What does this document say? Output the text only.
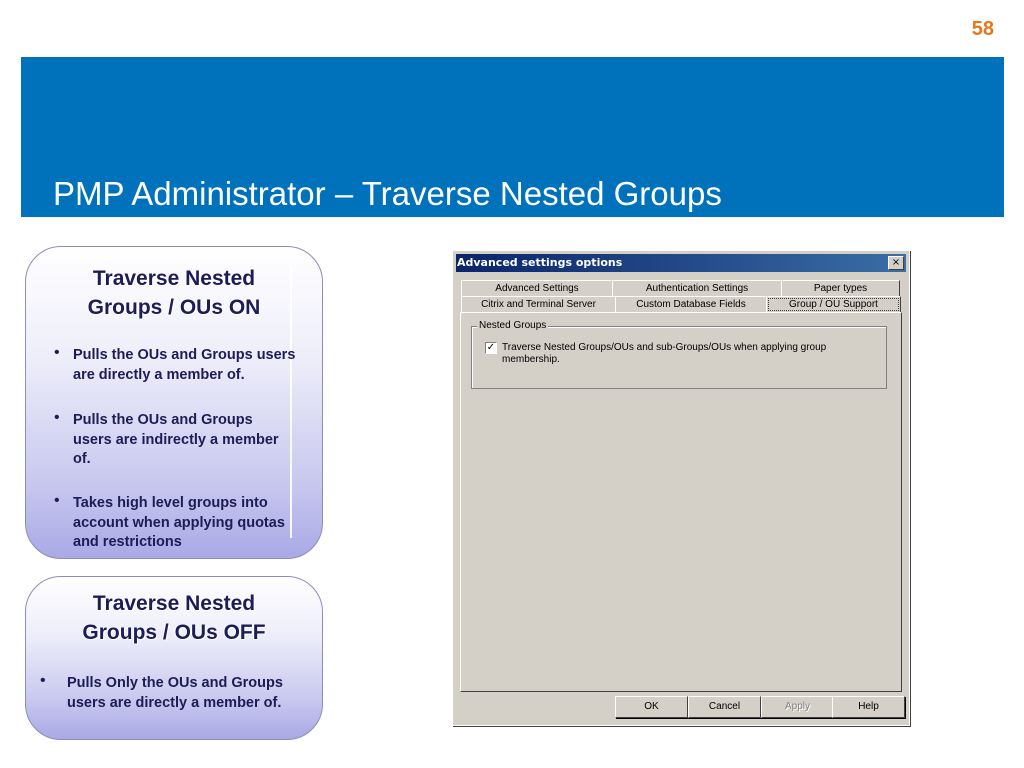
58
PMP Administrator – Traverse Nested Groups
Traverse Nested
Groups / OUs ON
• Pulls the OUs and Groups users are directly a member of.
• Pulls the OUs and Groups users are indirectly a member of.
• Takes high level groups into account when applying quotas and restrictions
Traverse Nested
Groups / OUs OFF
• Pulls Only the OUs and Groups users are directly a member of.
Advanced settings options	×
Advanced Settings	Authentication Settings	Paper types
Citrix and Terminal Server	Custom Database Fields	Group / OU Support
Nested Groups
✓ Traverse Nested Groups/OUs and sub-Groups/OUs when applying group membership.
OK	Cancel	Apply	Help
